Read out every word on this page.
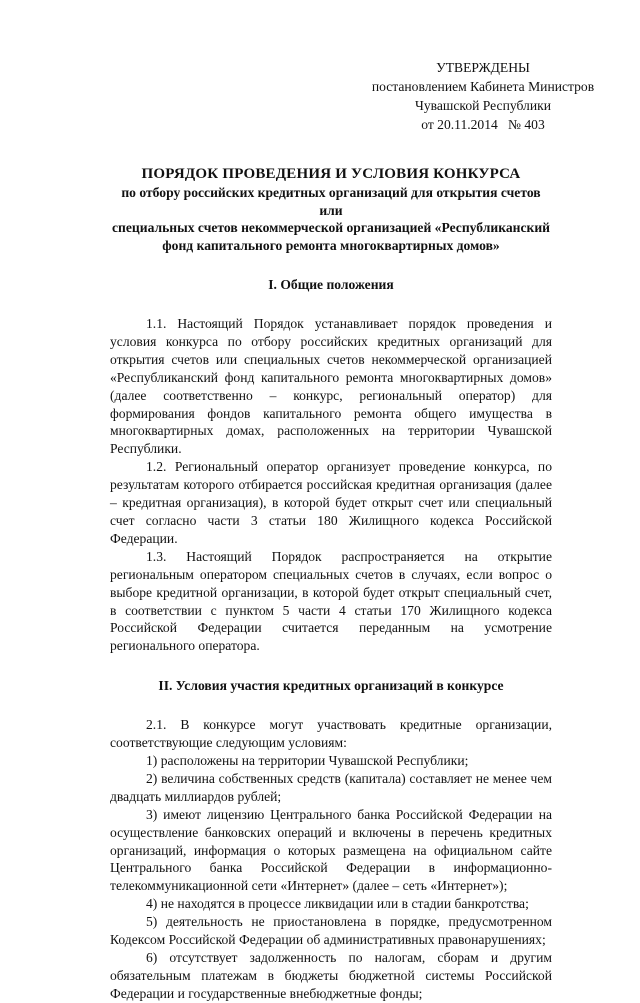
УТВЕРЖДЕНЫ
постановлением Кабинета Министров
Чувашской Республики
от 20.11.2014   № 403
ПОРЯДОК ПРОВЕДЕНИЯ И УСЛОВИЯ КОНКУРСА
по отбору российских кредитных организаций для открытия счетов или
специальных счетов некоммерческой организацией «Республиканский
фонд капитального ремонта многоквартирных домов»
I. Общие положения

1.1. Настоящий Порядок устанавливает порядок проведения и условия конкурса по отбору российских кредитных организаций для открытия счетов или специальных счетов некоммерческой организацией «Республиканский фонд капитального ремонта многоквартирных домов» (далее соответственно – конкурс, региональный оператор) для формирования фондов капитального ремонта общего имущества в многоквартирных домах, расположенных на территории Чувашской Республики.

1.2. Региональный оператор организует проведение конкурса, по результатам которого отбирается российская кредитная организация (далее – кредитная организация), в которой будет открыт счет или специальный счет согласно части 3 статьи 180 Жилищного кодекса Российской Федерации.

1.3. Настоящий Порядок распространяется на открытие региональным оператором специальных счетов в случаях, если вопрос о выборе кредитной организации, в которой будет открыт специальный счет, в соответствии с пунктом 5 части 4 статьи 170 Жилищного кодекса Российской Федерации считается переданным на усмотрение регионального оператора.

II. Условия участия кредитных организаций в конкурсе

2.1. В конкурсе могут участвовать кредитные организации, соответствующие следующим условиям:

1) расположены на территории Чувашской Республики;

2) величина собственных средств (капитала) составляет не менее чем двадцать миллиардов рублей;

3) имеют лицензию Центрального банка Российской Федерации на осуществление банковских операций и включены в перечень кредитных организаций, информация о которых размещена на официальном сайте Центрального банка Российской Федерации в информационно-телекоммуникационной сети «Интернет» (далее – сеть «Интернет»);

4) не находятся в процессе ликвидации или в стадии банкротства;

5) деятельность не приостановлена в порядке, предусмотренном Кодексом Российской Федерации об административных правонарушениях;

6) отсутствует задолженность по налогам, сборам и другим обязательным платежам в бюджеты бюджетной системы Российской Федерации и государственные внебюджетные фонды;
